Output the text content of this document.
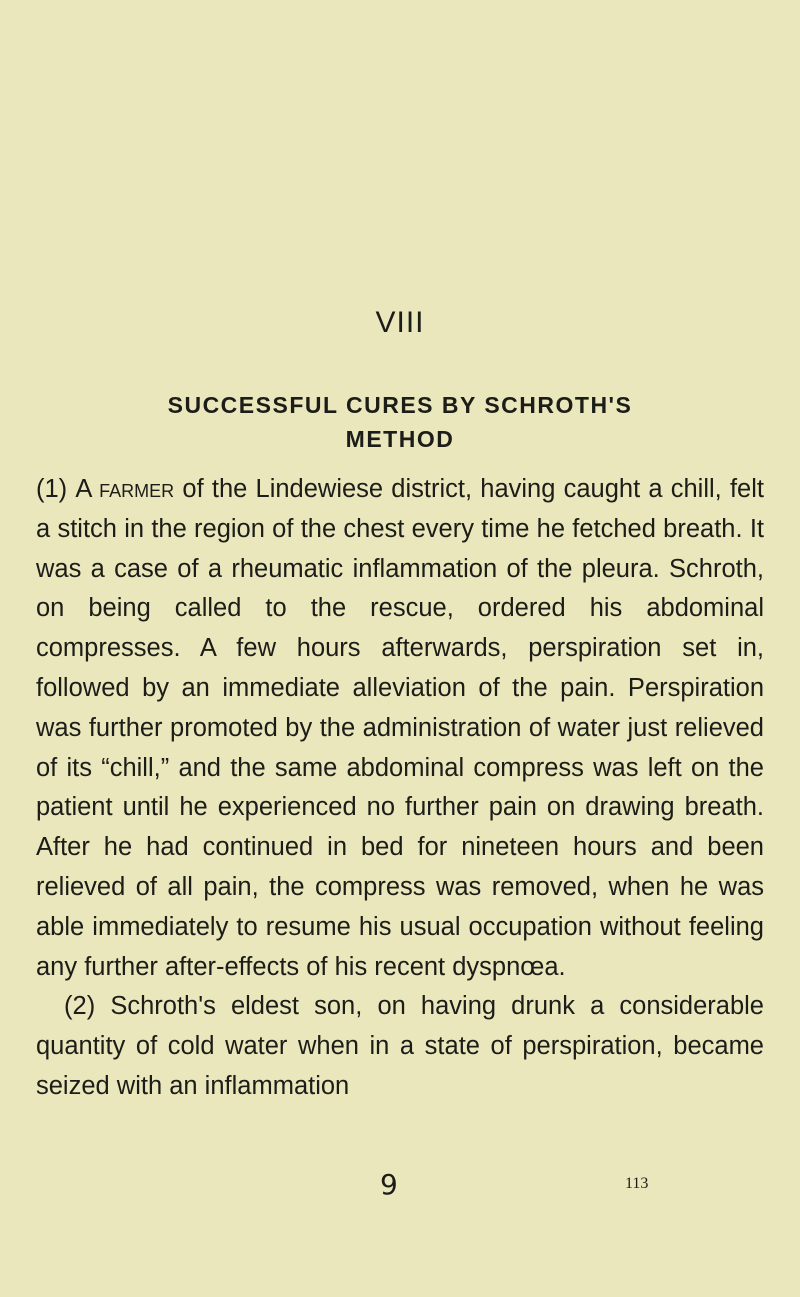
VIII
SUCCESSFUL CURES BY SCHROTH'S
METHOD

(1) A farmer of the Lindewiese district, having caught a chill, felt a stitch in the region of the chest every time he fetched breath. It was a case of a rheumatic inflammation of the pleura. Schroth, on being called to the rescue, ordered his abdominal compresses. A few hours afterwards, perspiration set in, followed by an immediate alleviation of the pain. Perspiration was further promoted by the administration of water just relieved of its “chill,” and the same abdominal compress was left on the patient until he experienced no further pain on drawing breath. After he had continued in bed for nineteen hours and been relieved of all pain, the compress was removed, when he was able immediately to resume his usual occupation without feeling any further after-effects of his recent dyspnœa.

(2) Schroth's eldest son, on having drunk a considerable quantity of cold water when in a state of perspiration, became seized with an inflammation

9	113
